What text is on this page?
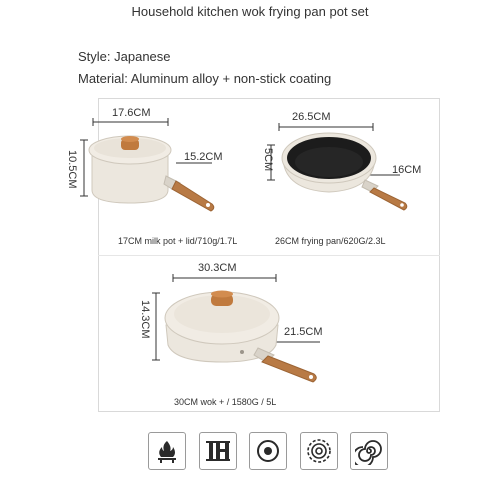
Household kitchen wok frying pan pot set
Style: Japanese
Material: Aluminum alloy + non-stick coating
17.6CM
10.5CM	15.2CM
17CM milk pot + lid/710g/1.7L
26.5CM
5CM	16CM
26CM frying pan/620G/2.3L
30.3CM
14.3CM	21.5CM
30CM wok + / 1580G / 5L
